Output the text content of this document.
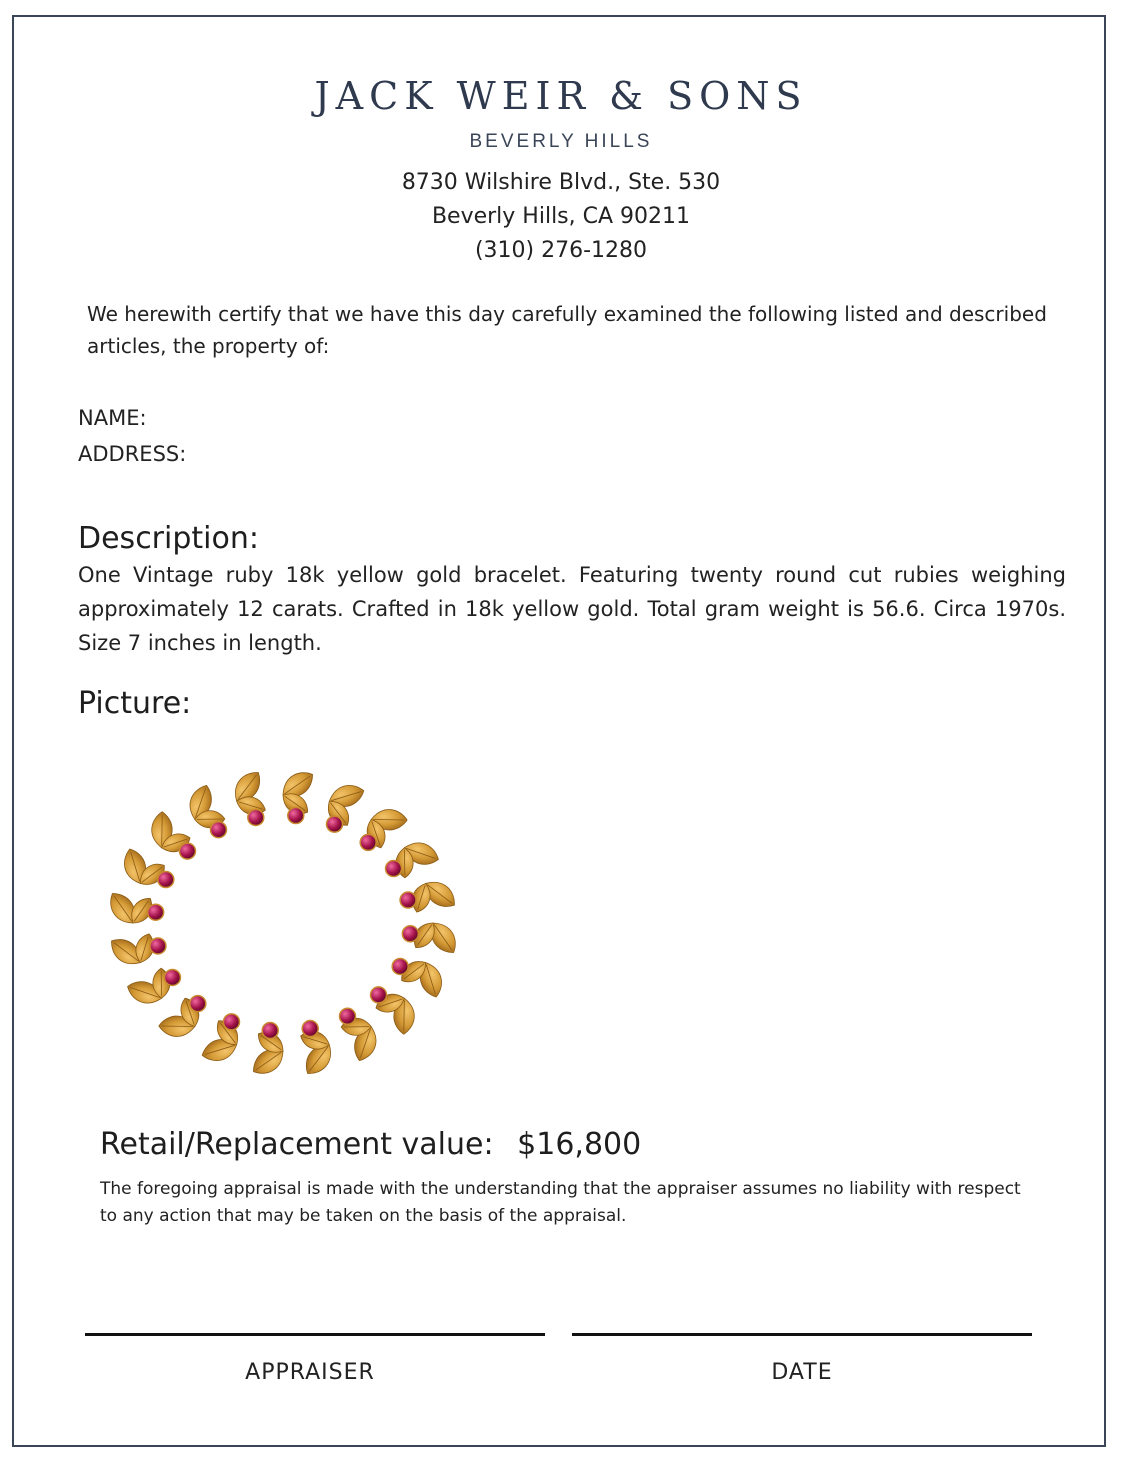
JACK WEIR & SONS
BEVERLY HILLS
8730 Wilshire Blvd., Ste. 530
Beverly Hills, CA 90211
(310) 276-1280
We herewith certify that we have this day carefully examined the following listed and described articles, the property of:
NAME:
ADDRESS:
Description:
One Vintage ruby 18k yellow gold bracelet. Featuring twenty round cut rubies weighing approximately 12 carats. Crafted in 18k yellow gold. Total gram weight is 56.6. Circa 1970s. Size 7 inches in length.
Picture:
Retail/Replacement value: $16,800
The foregoing appraisal is made with the understanding that the appraiser assumes no liability with respect to any action that may be taken on the basis of the appraisal.
APPRAISER	DATE
